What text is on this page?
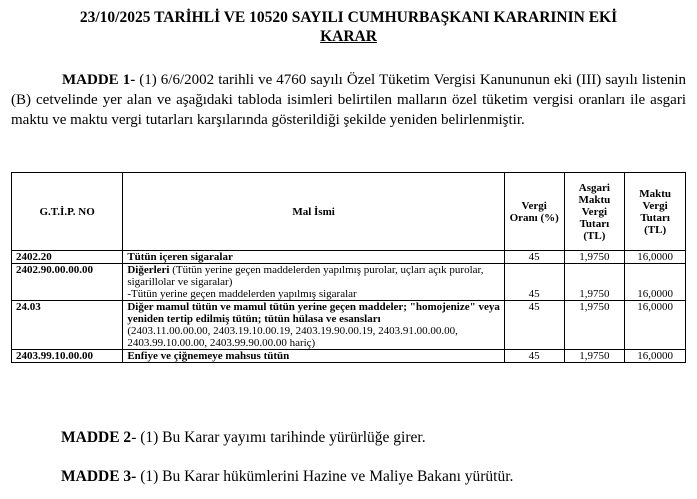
23/10/2025 TARİHLİ VE 10520 SAYILI CUMHURBAŞKANI KARARININ EKİ
KARAR
MADDE 1- (1) 6/6/2002 tarihli ve 4760 sayılı Özel Tüketim Vergisi Kanununun eki (III) sayılı listenin (B) cetvelinde yer alan ve aşağıdaki tabloda isimleri belirtilen malların özel tüketim vergisi oranları ile asgari maktu ve maktu vergi tutarları karşılarında gösterildiği şekilde yeniden belirlenmiştir.
G.T.İ.P. NO	Mal İsmi	Vergi Oranı (%)	Asgari Maktu Vergi Tutarı (TL)	Maktu Vergi Tutarı (TL)
2402.20	Tütün içeren sigaralar	45	1,9750	16,0000
2402.90.00.00.00	Diğerleri (Tütün yerine geçen maddelerden yapılmış purolar, uçları açık purolar, sigarillolar ve sigaralar)
-Tütün yerine geçen maddelerden yapılmış sigaralar	45	1,9750	16,0000
24.03	Diğer mamul tütün ve mamul tütün yerine geçen maddeler; "homojenize" veya yeniden tertip edilmiş tütün; tütün hülasa ve esansları
(2403.11.00.00.00, 2403.19.10.00.19, 2403.19.90.00.19, 2403.91.00.00.00, 2403.99.10.00.00, 2403.99.90.00.00 hariç)	45	1,9750	16,0000
2403.99.10.00.00	Enfiye ve çiğnemeye mahsus tütün	45	1,9750	16,0000
MADDE 2- (1) Bu Karar yayımı tarihinde yürürlüğe girer.
MADDE 3- (1) Bu Karar hükümlerini Hazine ve Maliye Bakanı yürütür.
